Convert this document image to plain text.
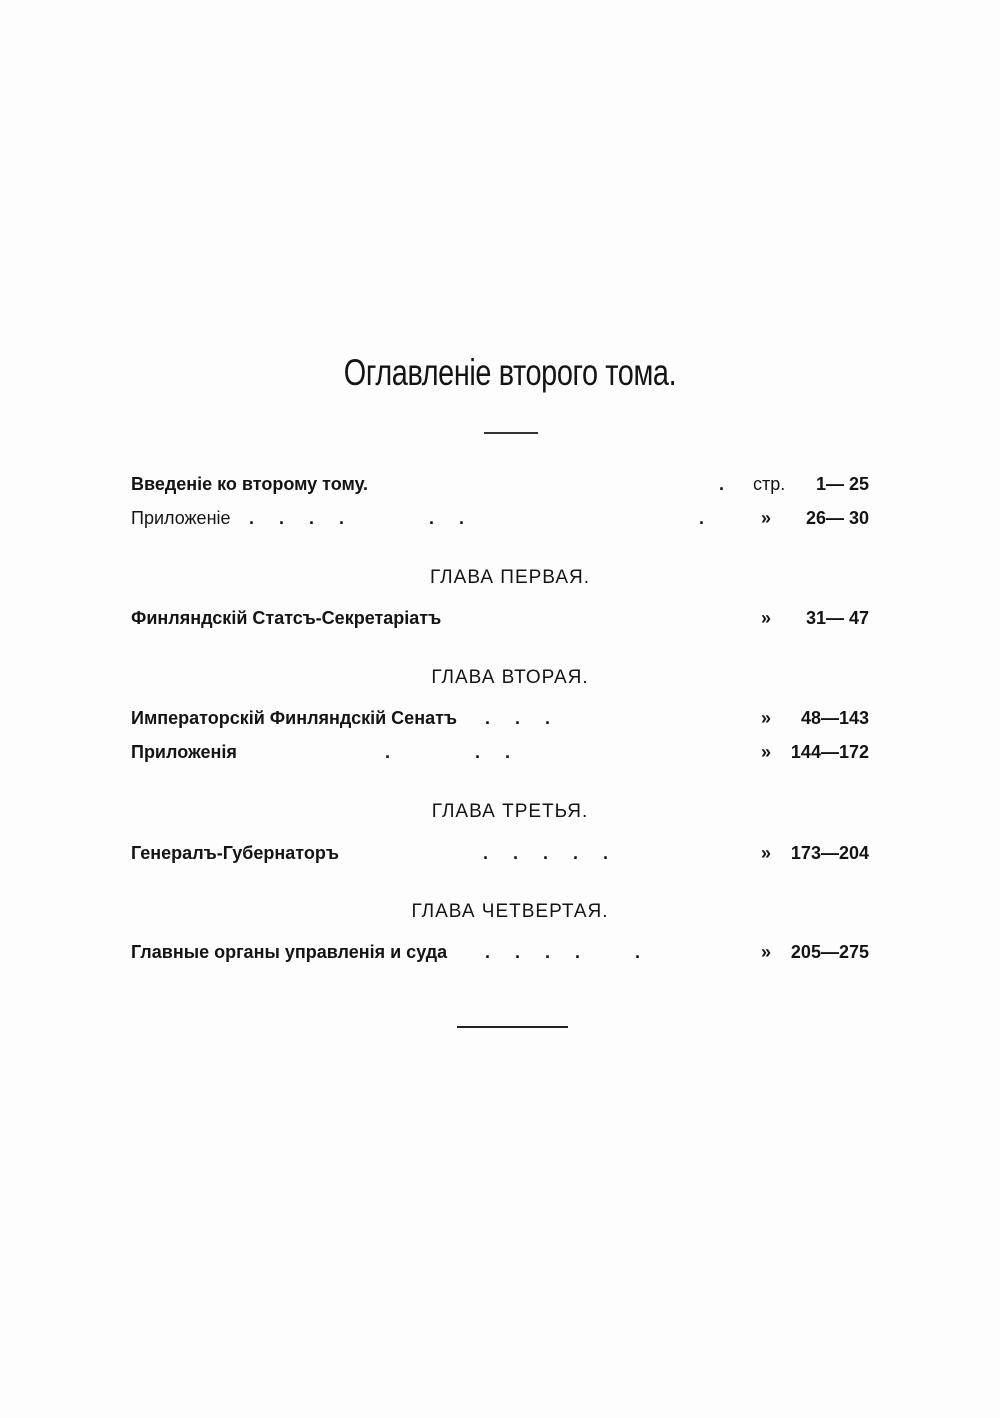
Оглавленіе второго тома.
Введеніе ко второму тому.	. стр. 1— 25
Приложеніе . . . .     . .	.	» 26— 30
ГЛАВА ПЕРВАЯ.
Финляндскій Статсъ-Секретаріатъ	» 31— 47
ГЛАВА ВТОРАЯ.
Императорскій Финляндскій Сенатъ . . .	» 48—143
Приложенія	.     . .	» 144—172
ГЛАВА ТРЕТЬЯ.
Генералъ-Губернаторъ	. . . . .	» 173—204
ГЛАВА ЧЕТВЕРТАЯ.
Главные органы управленія и суда . . . .   .	» 205—275
